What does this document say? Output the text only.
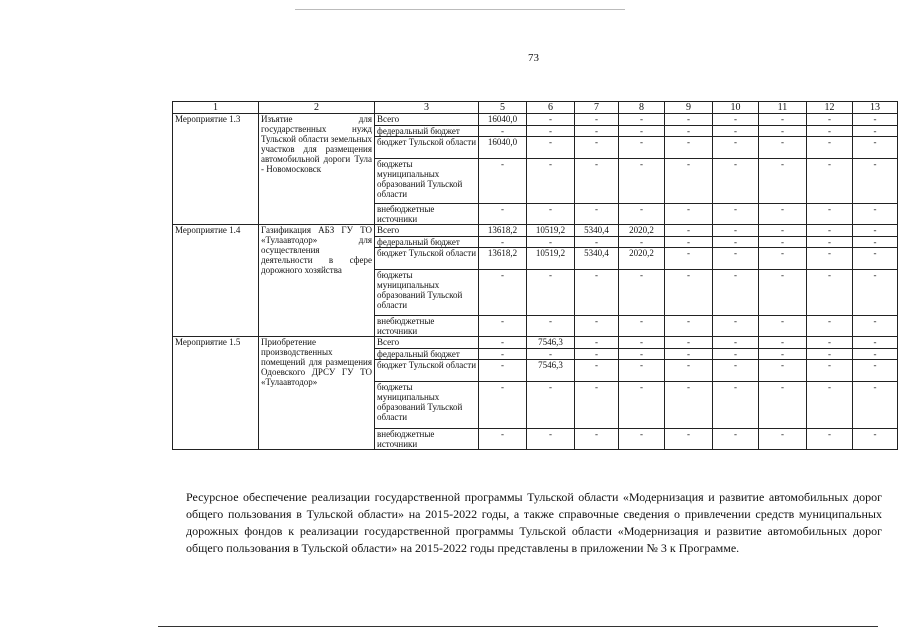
73
1	2	3	5	6	7	8	9	10	11	12	13
Мероприятие 1.3	Изъятие для государственных нужд Тульской области земельных участков для размещения автомобильной дороги Тула - Новомосковск	Всего	16040,0	-	-	-	-	-	-	-	-
		федеральный бюджет	-	-	-	-	-	-	-	-	-
		бюджет Тульской области	16040,0	-	-	-	-	-	-	-	-
		бюджеты муниципальных образований Тульской области	-	-	-	-	-	-	-	-	-
		внебюджетные источники	-	-	-	-	-	-	-	-	-
Мероприятие 1.4	Газификация АБЗ ГУ ТО «Тулаавтодор» для осуществления деятельности в сфере дорожного хозяйства	Всего	13618,2	10519,2	5340,4	2020,2	-	-	-	-	-
		федеральный бюджет	-	-	-	-	-	-	-	-	-
		бюджет Тульской области	13618,2	10519,2	5340,4	2020,2	-	-	-	-	-
		бюджеты муниципальных образований Тульской области	-	-	-	-	-	-	-	-	-
		внебюджетные источники	-	-	-	-	-	-	-	-	-
Мероприятие 1.5	Приобретение производственных помещений для размещения Одоевского ДРСУ ГУ ТО «Тулаавтодор»	Всего	-	7546,3	-	-	-	-	-	-	-
		федеральный бюджет	-	-	-	-	-	-	-	-	-
		бюджет Тульской области	-	7546,3	-	-	-	-	-	-	-
		бюджеты муниципальных образований Тульской области	-	-	-	-	-	-	-	-	-
		внебюджетные источники	-	-	-	-	-	-	-	-	-
Ресурсное обеспечение реализации государственной программы Тульской области «Модернизация и развитие автомобильных дорог общего пользования в Тульской области» на 2015-2022 годы, а также справочные сведения о привлечении средств муниципальных дорожных фондов к реализации государственной программы Тульской области «Модернизация и развитие автомобильных дорог общего пользования в Тульской области» на 2015-2022 годы представлены в приложении № 3 к Программе.
